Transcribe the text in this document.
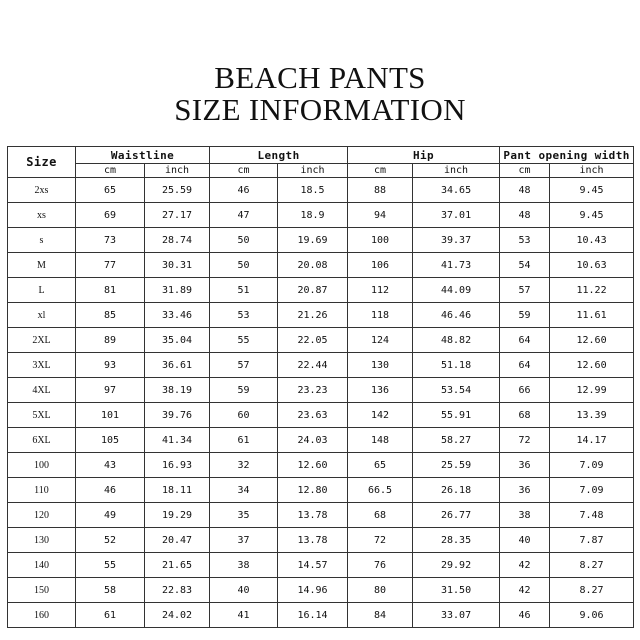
BEACH PANTS
SIZE INFORMATION
Size	Waistline		Length		Hip		Pant opening width	
	cm	inch	cm	inch	cm	inch	cm	inch
2xs	65	25.59	46	18.5	88	34.65	48	9.45
xs	69	27.17	47	18.9	94	37.01	48	9.45
s	73	28.74	50	19.69	100	39.37	53	10.43
M	77	30.31	50	20.08	106	41.73	54	10.63
L	81	31.89	51	20.87	112	44.09	57	11.22
xl	85	33.46	53	21.26	118	46.46	59	11.61
2XL	89	35.04	55	22.05	124	48.82	64	12.60
3XL	93	36.61	57	22.44	130	51.18	64	12.60
4XL	97	38.19	59	23.23	136	53.54	66	12.99
5XL	101	39.76	60	23.63	142	55.91	68	13.39
6XL	105	41.34	61	24.03	148	58.27	72	14.17
100	43	16.93	32	12.60	65	25.59	36	7.09
110	46	18.11	34	12.80	66.5	26.18	36	7.09
120	49	19.29	35	13.78	68	26.77	38	7.48
130	52	20.47	37	13.78	72	28.35	40	7.87
140	55	21.65	38	14.57	76	29.92	42	8.27
150	58	22.83	40	14.96	80	31.50	42	8.27
160	61	24.02	41	16.14	84	33.07	46	9.06
